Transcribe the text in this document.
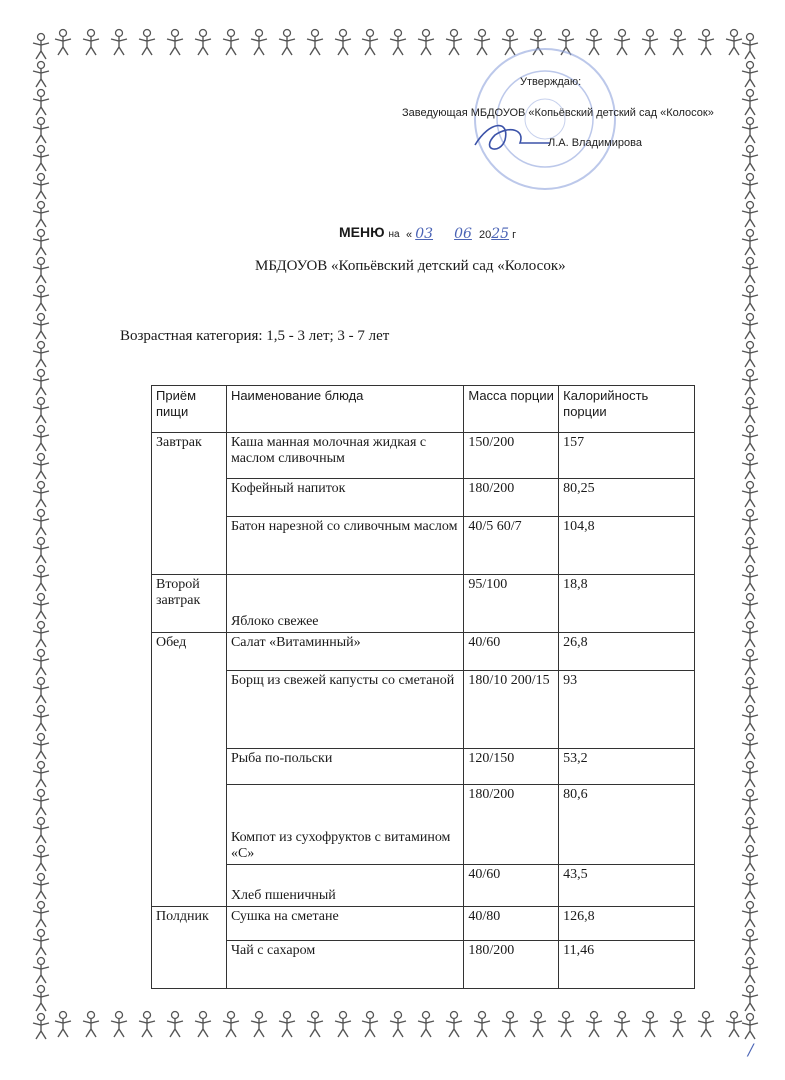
Утверждаю:
Заведующая МБДОУОВ «Копьёвский детский сад «Колосок»
Л.А. Владимирова
МЕНЮ на « 03 06 2025 г
МБДОУОВ «Копьёвский детский сад «Колосок»
Возрастная категория: 1,5 - 3 лет; 3 - 7 лет
Приём пищи	Наименование блюда	Масса порции	Калорийность порции
Завтрак	Каша манная молочная жидкая с маслом сливочным	150/200	157
	Кофейный напиток	180/200	80,25
	Батон нарезной со сливочным маслом	40/5 60/7	104,8
Второй завтрак	Яблоко свежее	95/100	18,8
Обед	Салат «Витаминный»	40/60	26,8
	Борщ из свежей капусты со сметаной	180/10 200/15	93
	Рыба по-польски	120/150	53,2
	Компот из сухофруктов с витамином «С»	180/200	80,6
	Хлеб пшеничный	40/60	43,5
Полдник	Сушка на сметане	40/80	126,8
	Чай с сахаром	180/200	11,46
/
